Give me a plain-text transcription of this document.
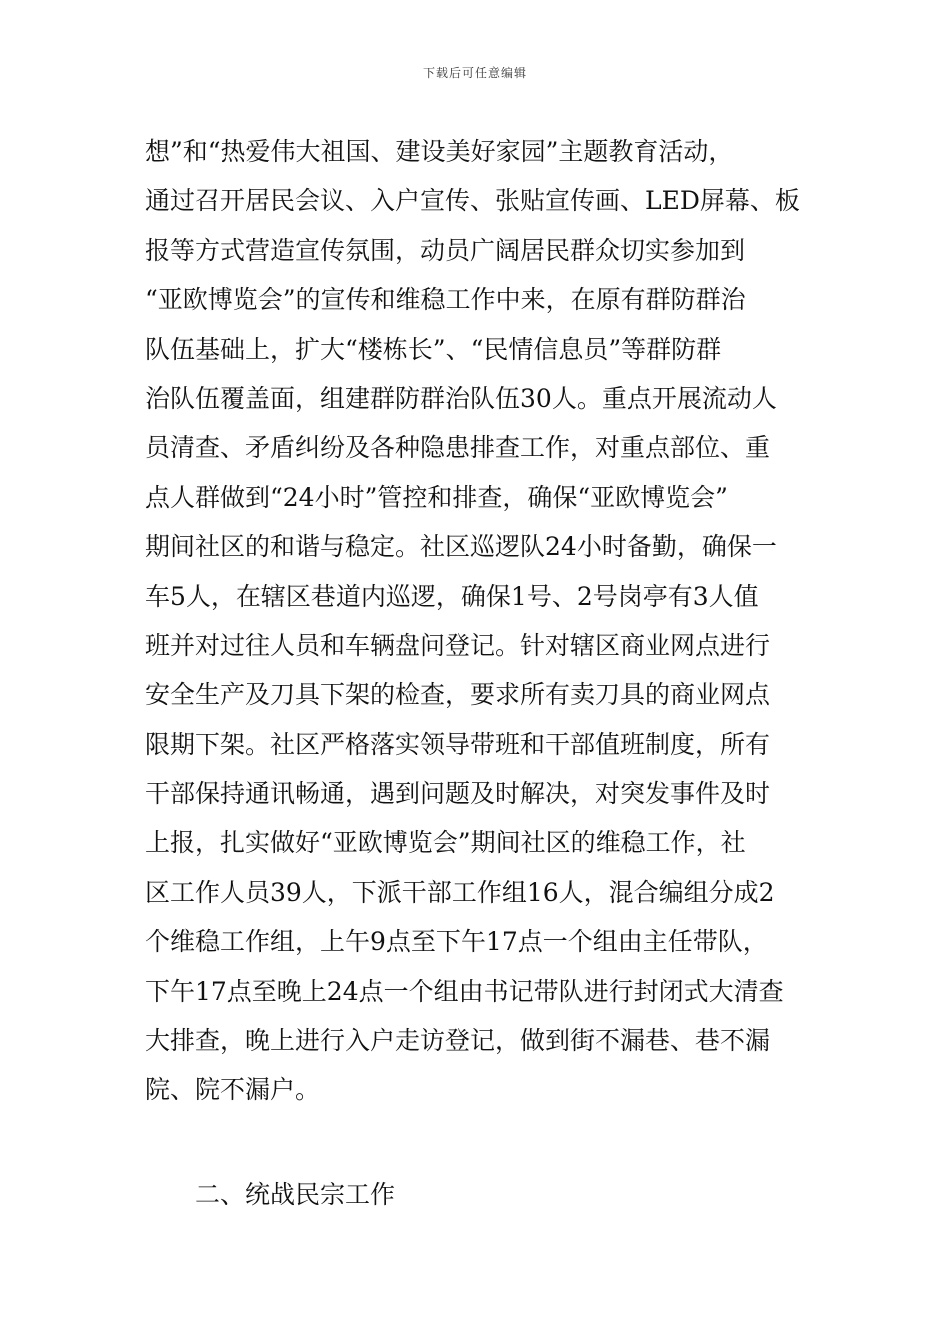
下载后可任意编辑
想”和“热爱伟大祖国、建设美好家园”主题教育活动，
通过召开居民会议、入户宣传、张贴宣传画、LED屏幕、板
报等方式营造宣传氛围，动员广阔居民群众切实参加到
“亚欧博览会”的宣传和维稳工作中来，在原有群防群治
队伍基础上，扩大“楼栋长”、“民情信息员”等群防群
治队伍覆盖面，组建群防群治队伍30人。重点开展流动人
员清查、矛盾纠纷及各种隐患排查工作，对重点部位、重
点人群做到“24小时”管控和排查，确保“亚欧博览会”
期间社区的和谐与稳定。社区巡逻队24小时备勤，确保一
车5人，在辖区巷道内巡逻，确保1号、2号岗亭有3人值
班并对过往人员和车辆盘问登记。针对辖区商业网点进行
安全生产及刀具下架的检查，要求所有卖刀具的商业网点
限期下架。社区严格落实领导带班和干部值班制度，所有
干部保持通讯畅通，遇到问题及时解决，对突发事件及时
上报，扎实做好“亚欧博览会”期间社区的维稳工作，社
区工作人员39人，下派干部工作组16人，混合编组分成2
个维稳工作组，上午9点至下午17点一个组由主任带队，
下午17点至晚上24点一个组由书记带队进行封闭式大清查
大排查，晚上进行入户走访登记，做到街不漏巷、巷不漏
院、院不漏户。
二、统战民宗工作
